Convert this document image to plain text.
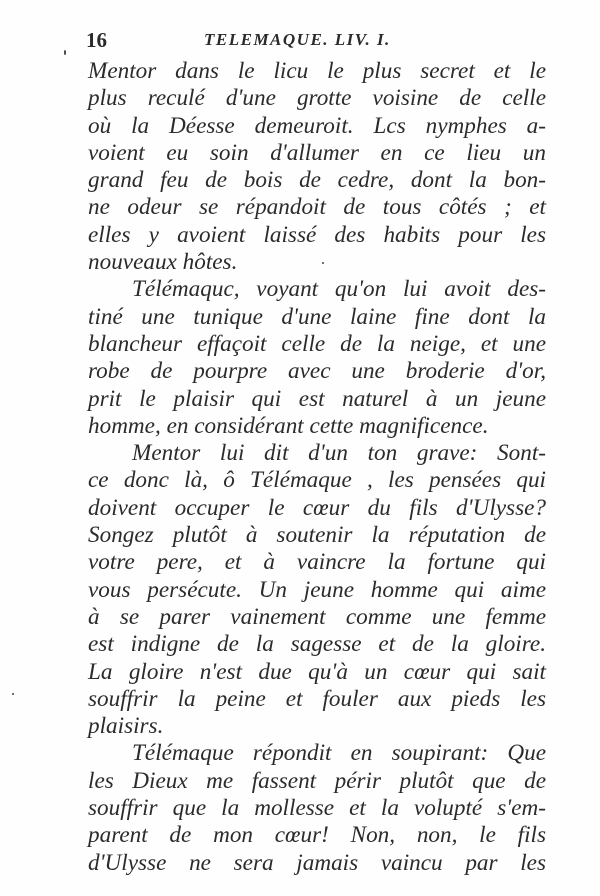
16	TELEMAQUE. LIV. I.
Mentor dans le licu le plus secret et le
plus reculé d'une grotte voisine de celle
où la Déesse demeuroit. Lcs nymphes a-
voient eu soin d'allumer en ce lieu un
grand feu de bois de cedre, dont la bon-
ne odeur se répandoit de tous côtés ; et
elles y avoient laissé des habits pour les
nouveaux hôtes.
Télémaquc, voyant qu'on lui avoit des-
tiné une tunique d'une laine fine dont la
blancheur effaçoit celle de la neige, et une
robe de pourpre avec une broderie d'or,
prit le plaisir qui est naturel à un jeune
homme, en considérant cette magnificence.
Mentor lui dit d'un ton grave: Sont-
ce donc là, ô Télémaque , les pensées qui
doivent occuper le cœur du fils d'Ulysse?
Songez plutôt à soutenir la réputation de
votre pere, et à vaincre la fortune qui
vous persécute. Un jeune homme qui aime
à se parer vainement comme une femme
est indigne de la sagesse et de la gloire.
La gloire n'est due qu'à un cœur qui sait
souffrir la peine et fouler aux pieds les
plaisirs.
Télémaque répondit en soupirant: Que
les Dieux me fassent périr plutôt que de
souffrir que la mollesse et la volupté s'em-
parent de mon cœur! Non, non, le fils
d'Ulysse ne sera jamais vaincu par les
